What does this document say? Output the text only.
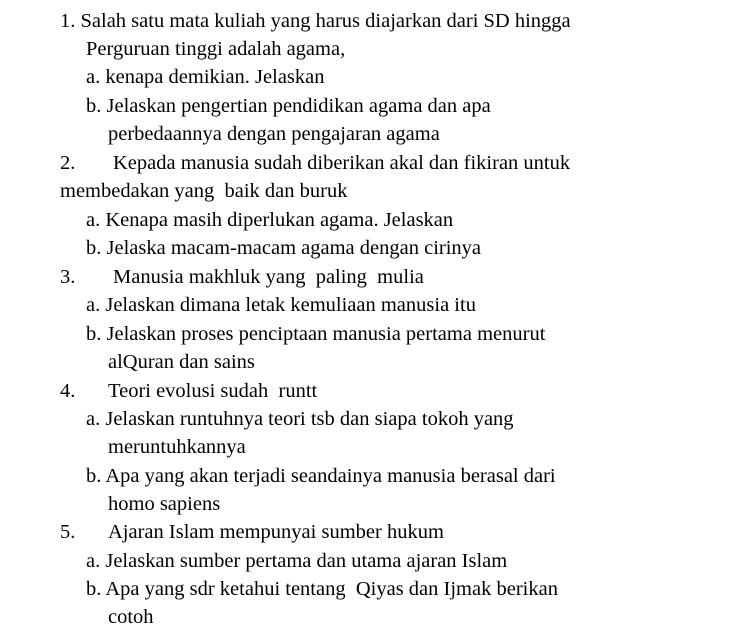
1. Salah satu mata kuliah yang harus diajarkan dari SD hingga
Perguruan tinggi adalah agama,
a. kenapa demikian. Jelaskan
b. Jelaskan pengertian pendidikan agama dan apa
perbedaannya dengan pengajaran agama
2. Kepada manusia sudah diberikan akal dan fikiran untuk
membedakan yang  baik dan buruk
a. Kenapa masih diperlukan agama. Jelaskan
b. Jelaska macam-macam agama dengan cirinya
3. Manusia makhluk yang  paling  mulia
a. Jelaskan dimana letak kemuliaan manusia itu
b. Jelaskan proses penciptaan manusia pertama menurut
alQuran dan sains
4. Teori evolusi sudah  runtt
a. Jelaskan runtuhnya teori tsb dan siapa tokoh yang
meruntuhkannya
b. Apa yang akan terjadi seandainya manusia berasal dari
homo sapiens
5. Ajaran Islam mempunyai sumber hukum
a. Jelaskan sumber pertama dan utama ajaran Islam
b. Apa yang sdr ketahui tentang  Qiyas dan Ijmak berikan
cotoh
